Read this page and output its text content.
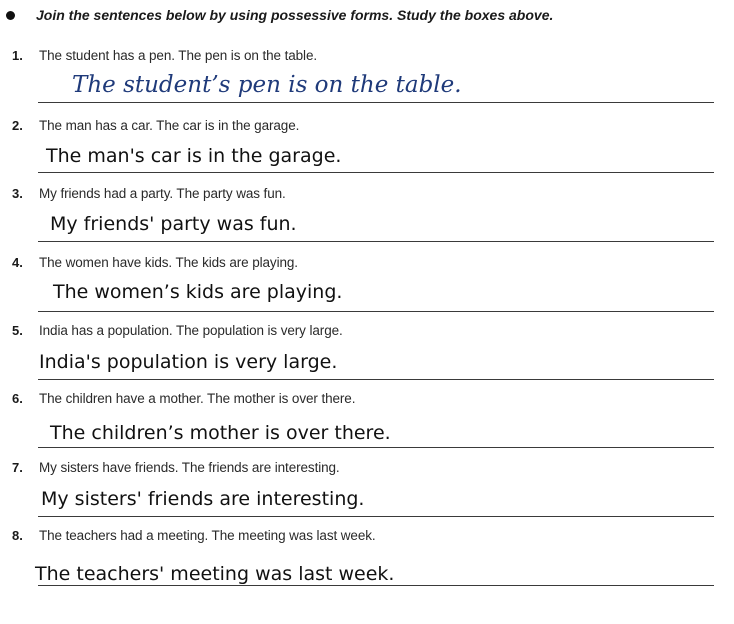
Join the sentences below by using possessive forms. Study the boxes above.
1. The student has a pen. The pen is on the table.
The student’s pen is on the table.
2. The man has a car. The car is in the garage.
The man's car is in the garage.
3. My friends had a party. The party was fun.
My friends' party was fun.
4. The women have kids. The kids are playing.
The women’s kids are playing.
5. India has a population. The population is very large.
India's population is very large.
6. The children have a mother. The mother is over there.
The children’s mother is over there.
7. My sisters have friends. The friends are interesting.
My sisters' friends are interesting.
8. The teachers had a meeting. The meeting was last week.
The teachers' meeting was last week.
